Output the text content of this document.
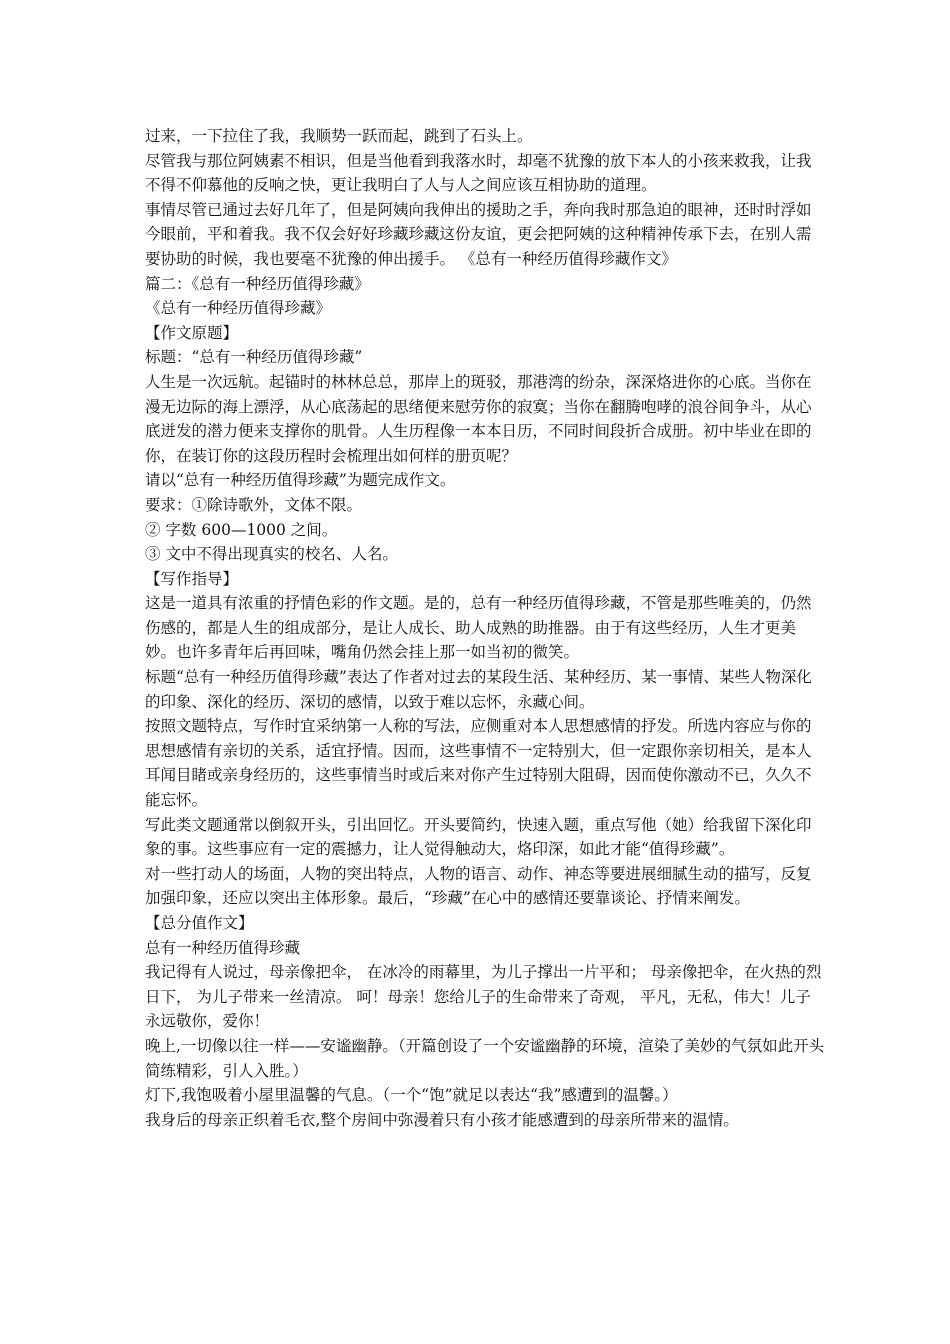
过来，一下拉住了我，我顺势一跃而起，跳到了石头上。

尽管我与那位阿姨素不相识，但是当他看到我落水时，却毫不犹豫的放下本人的小孩来救我，让我不得不仰慕他的反响之快，更让我明白了人与人之间应该互相协助的道理。

事情尽管已通过去好几年了，但是阿姨向我伸出的援助之手，奔向我时那急迫的眼神，还时时浮如今眼前，平和着我。我不仅会好好珍藏珍藏这份友谊，更会把阿姨的这种精神传承下去，在别人需要协助的时候，我也要毫不犹豫的伸出援手。 《总有一种经历值得珍藏作文》

篇二：《总有一种经历值得珍藏》

《总有一种经历值得珍藏》

【作文原题】

标题：“总有一种经历值得珍藏”

人生是一次远航。起锚时的林林总总，那岸上的斑驳，那港湾的纷杂，深深烙进你的心底。当你在漫无边际的海上漂浮，从心底荡起的思绪便来慰劳你的寂寞；当你在翻腾咆哮的浪谷间争斗，从心底迸发的潜力便来支撑你的肌骨。人生历程像一本本日历，不同时间段折合成册。初中毕业在即的你，在装订你的这段历程时会梳理出如何样的册页呢？

请以“总有一种经历值得珍藏”为题完成作文。

要求：①除诗歌外，文体不限。

② 字数 600—1000 之间。

③ 文中不得出现真实的校名、人名。

【写作指导】

这是一道具有浓重的抒情色彩的作文题。是的，总有一种经历值得珍藏，不管是那些唯美的，仍然伤感的，都是人生的组成部分，是让人成长、助人成熟的助推器。由于有这些经历，人生才更美妙。也许多青年后再回味，嘴角仍然会挂上那一如当初的微笑。

标题“总有一种经历值得珍藏”表达了作者对过去的某段生活、某种经历、某一事情、某些人物深化的印象、深化的经历、深切的感情，以致于难以忘怀，永藏心间。

按照文题特点，写作时宜采纳第一人称的写法，应侧重对本人思想感情的抒发。所选内容应与你的思想感情有亲切的关系，适宜抒情。因而，这些事情不一定特别大，但一定跟你亲切相关，是本人耳闻目睹或亲身经历的，这些事情当时或后来对你产生过特别大阻碍，因而使你激动不已，久久不能忘怀。

写此类文题通常以倒叙开头，引出回忆。开头要简约，快速入题，重点写他（她）给我留下深化印象的事。这些事应有一定的震撼力，让人觉得触动大，烙印深，如此才能“值得珍藏”。

对一些打动人的场面，人物的突出特点，人物的语言、动作、神态等要进展细腻生动的描写，反复加强印象，还应以突出主体形象。最后，“珍藏”在心中的感情还要靠谈论、抒情来阐发。

【总分值作文】

总有一种经历值得珍藏

我记得有人说过，母亲像把伞， 在冰冷的雨幕里，为儿子撑出一片平和； 母亲像把伞，在火热的烈日下， 为儿子带来一丝清凉。 呵！母亲！您给儿子的生命带来了奇观， 平凡，无私，伟大！儿子永远敬你，爱你！

晚上,一切像以往一样——安谧幽静。（开篇创设了一个安谧幽静的环境，渲染了美妙的气氛如此开头简练精彩，引人入胜。）

灯下,我饱吸着小屋里温馨的气息。（一个“饱”就足以表达“我”感遭到的温馨。）

我身后的母亲正织着毛衣,整个房间中弥漫着只有小孩才能感遭到的母亲所带来的温情。
